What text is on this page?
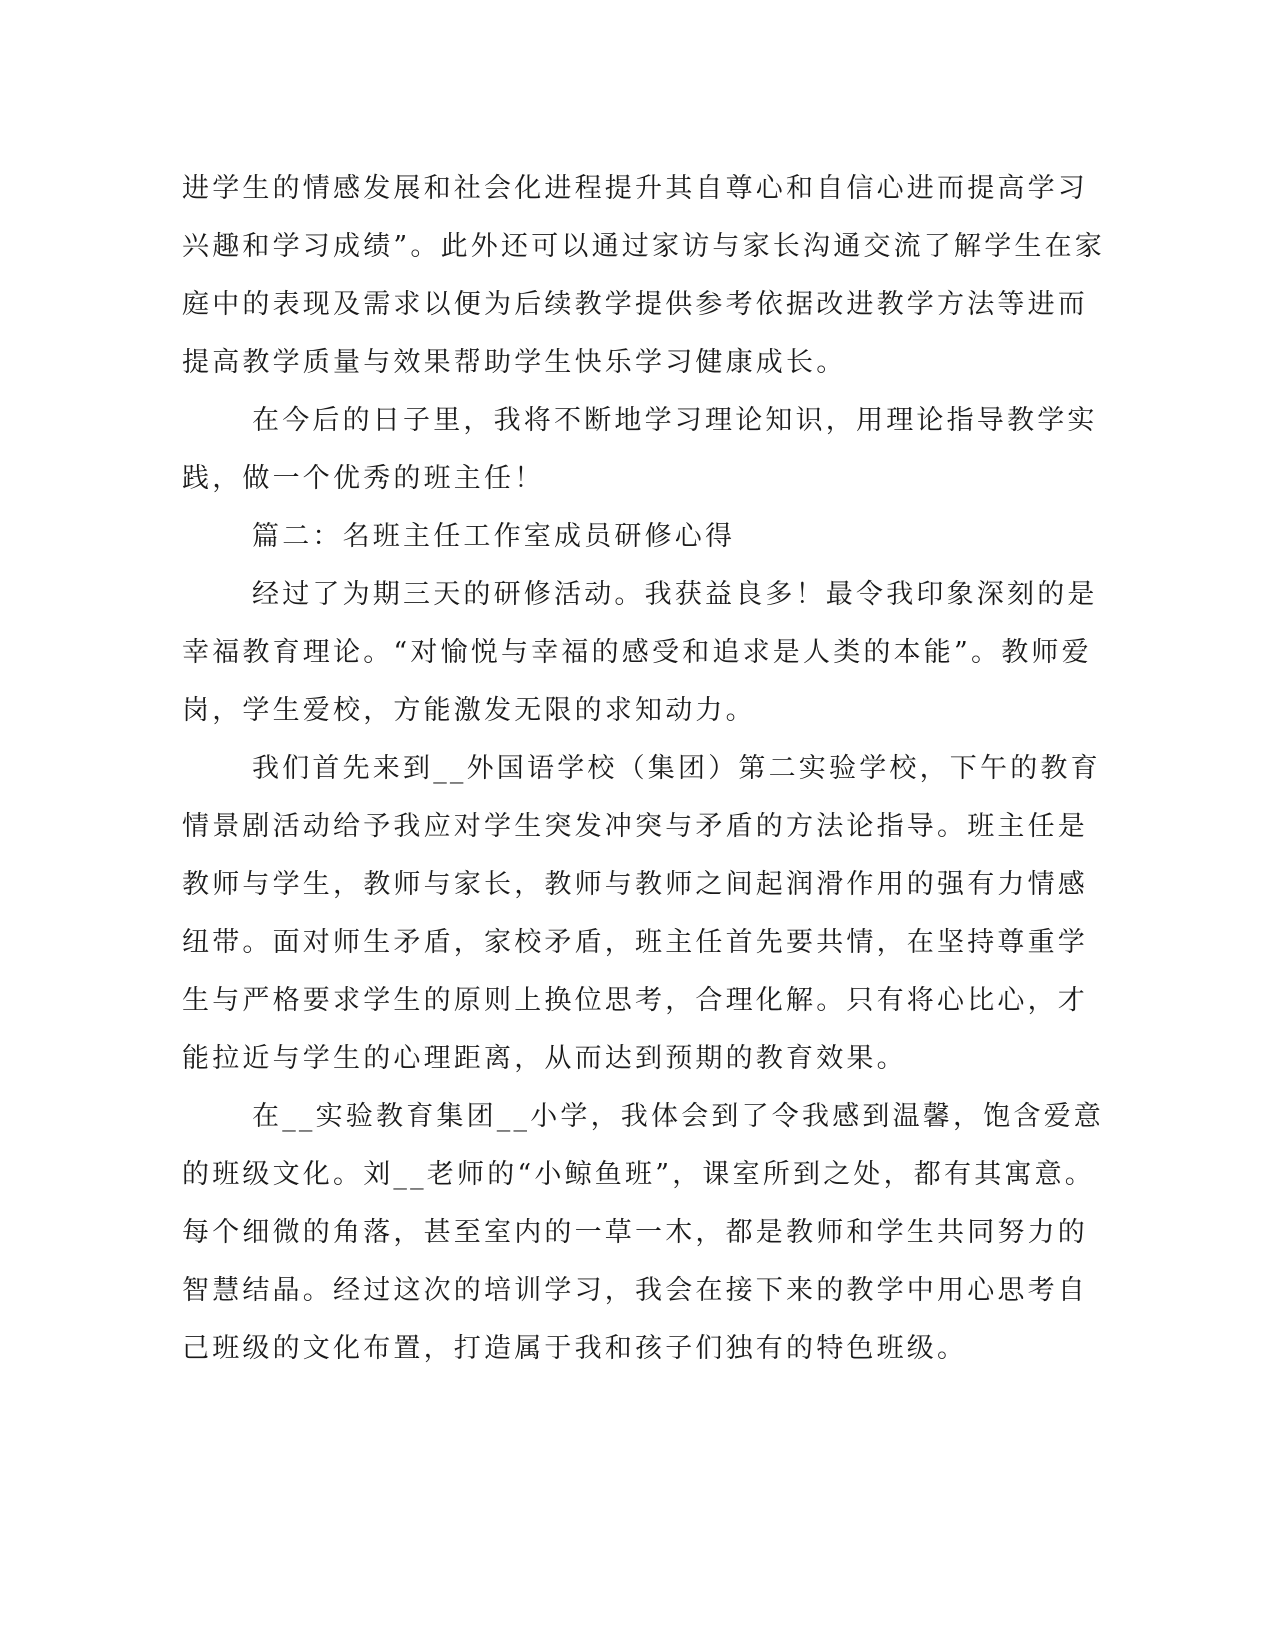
进学生的情感发展和社会化进程提升其自尊心和自信心进而提高学习

兴趣和学习成绩”。此外还可以通过家访与家长沟通交流了解学生在家

庭中的表现及需求以便为后续教学提供参考依据改进教学方法等进而

提高教学质量与效果帮助学生快乐学习健康成长。

在今后的日子里，我将不断地学习理论知识，用理论指导教学实

践，做一个优秀的班主任！

篇二：名班主任工作室成员研修心得

经过了为期三天的研修活动。我获益良多！最令我印象深刻的是

幸福教育理论。“对愉悦与幸福的感受和追求是人类的本能”。教师爱

岗，学生爱校，方能激发无限的求知动力。

我们首先来到__外国语学校（集团）第二实验学校，下午的教育

情景剧活动给予我应对学生突发冲突与矛盾的方法论指导。班主任是

教师与学生，教师与家长，教师与教师之间起润滑作用的强有力情感

纽带。面对师生矛盾，家校矛盾，班主任首先要共情，在坚持尊重学

生与严格要求学生的原则上换位思考，合理化解。只有将心比心，才

能拉近与学生的心理距离，从而达到预期的教育效果。

在__实验教育集团__小学，我体会到了令我感到温馨，饱含爱意

的班级文化。刘__老师的“小鲸鱼班”，课室所到之处，都有其寓意。

每个细微的角落，甚至室内的一草一木，都是教师和学生共同努力的

智慧结晶。经过这次的培训学习，我会在接下来的教学中用心思考自

己班级的文化布置，打造属于我和孩子们独有的特色班级。
